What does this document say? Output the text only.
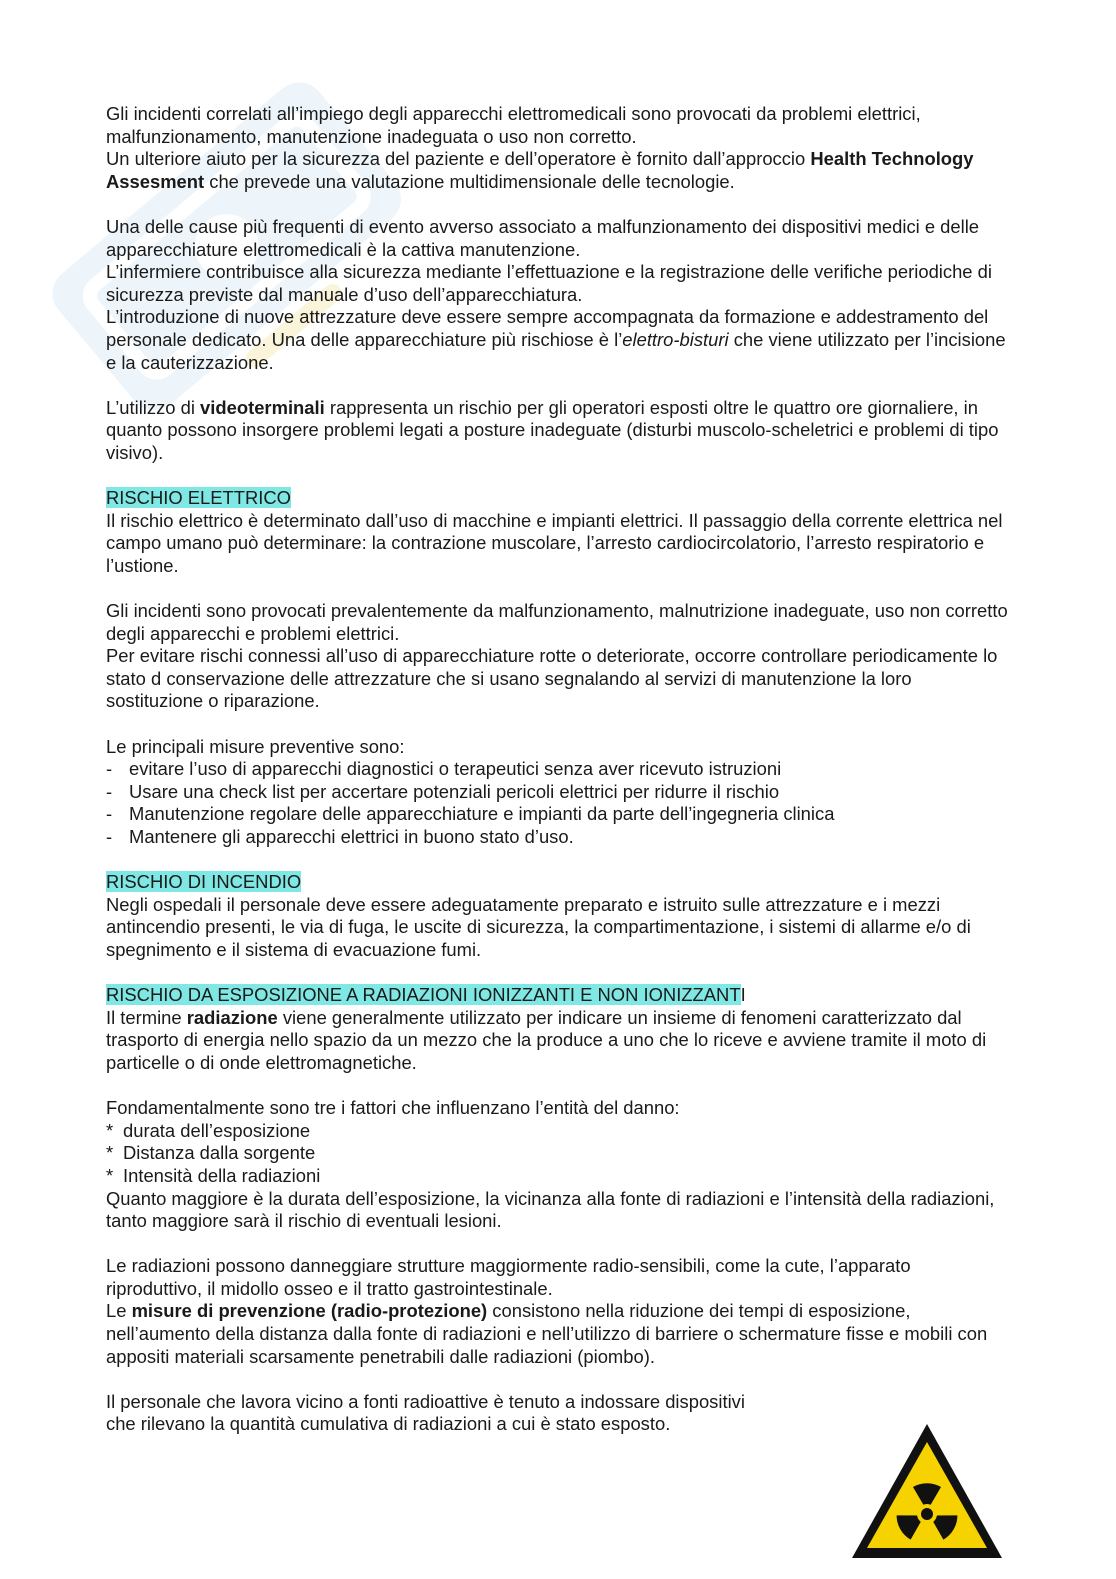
Gli incidenti correlati all’impiego degli apparecchi elettromedicali sono provocati da problemi elettrici, malfunzionamento, manutenzione inadeguata o uso non corretto.

Un ulteriore aiuto per la sicurezza del paziente e dell’operatore è fornito dall’approccio Health Technology Assesment che prevede una valutazione multidimensionale delle tecnologie.

Una delle cause più frequenti di evento avverso associato a malfunzionamento dei dispositivi medici e delle apparecchiature elettromedicali è la cattiva manutenzione.

L’infermiere contribuisce alla sicurezza mediante l’effettuazione e la registrazione delle verifiche periodiche di sicurezza previste dal manuale d’uso dell’apparecchiatura.

L’introduzione di nuove attrezzature deve essere sempre accompagnata da formazione e addestramento del personale dedicato. Una delle apparecchiature più rischiose è l’elettro-bisturi che viene utilizzato per l’incisione e la cauterizzazione.

L’utilizzo di videoterminali rappresenta un rischio per gli operatori esposti oltre le quattro ore giornaliere, in quanto possono insorgere problemi legati a posture inadeguate (disturbi muscolo-scheletrici e problemi di tipo visivo).

RISCHIO ELETTRICO

Il rischio elettrico è determinato dall’uso di macchine e impianti elettrici. Il passaggio della corrente elettrica nel campo umano può determinare: la contrazione muscolare, l’arresto cardiocircolatorio, l’arresto respiratorio e l’ustione.

Gli incidenti sono provocati prevalentemente da malfunzionamento, malnutrizione inadeguate, uso non corretto degli apparecchi e problemi elettrici.

Per evitare rischi connessi all’uso di apparecchiature rotte o deteriorate, occorre controllare periodicamente lo stato d conservazione delle attrezzature che si usano segnalando al servizi di manutenzione la loro sostituzione o riparazione.

Le principali misure preventive sono:

- evitare l’uso di apparecchi diagnostici o terapeutici senza aver ricevuto istruzioni
- Usare una check list per accertare potenziali pericoli elettrici per ridurre il rischio
- Manutenzione regolare delle apparecchiature e impianti da parte dell’ingegneria clinica
- Mantenere gli apparecchi elettrici in buono stato d’uso.

RISCHIO DI INCENDIO

Negli ospedali il personale deve essere adeguatamente preparato e istruito sulle attrezzature e i mezzi antincendio presenti, le via di fuga, le uscite di sicurezza, la compartimentazione, i sistemi di allarme e/o di spegnimento e il sistema di evacuazione fumi.

RISCHIO DA ESPOSIZIONE A RADIAZIONI IONIZZANTI E NON IONIZZANTI

Il termine radiazione viene generalmente utilizzato per indicare un insieme di fenomeni caratterizzato dal trasporto di energia nello spazio da un mezzo che la produce a uno che lo riceve e avviene tramite il moto di particelle o di onde elettromagnetiche.

Fondamentalmente sono tre i fattori che influenzano l’entità del danno:

* durata dell’esposizione
* Distanza dalla sorgente
* Intensità della radiazioni

Quanto maggiore è la durata dell’esposizione, la vicinanza alla fonte di radiazioni e l’intensità della radiazioni, tanto maggiore sarà il rischio di eventuali lesioni.

Le radiazioni possono danneggiare strutture maggiormente radio-sensibili, come la cute, l’apparato riproduttivo, il midollo osseo e il tratto gastrointestinale.

Le misure di prevenzione (radio-protezione) consistono nella riduzione dei tempi di esposizione, nell’aumento della distanza dalla fonte di radiazioni e nell’utilizzo di barriere o schermature fisse e mobili con appositi materiali scarsamente penetrabili dalle radiazioni (piombo).

Il personale che lavora vicino a fonti radioattive è tenuto a indossare dispositivi

che rilevano la quantità cumulativa di radiazioni a cui è stato esposto.
